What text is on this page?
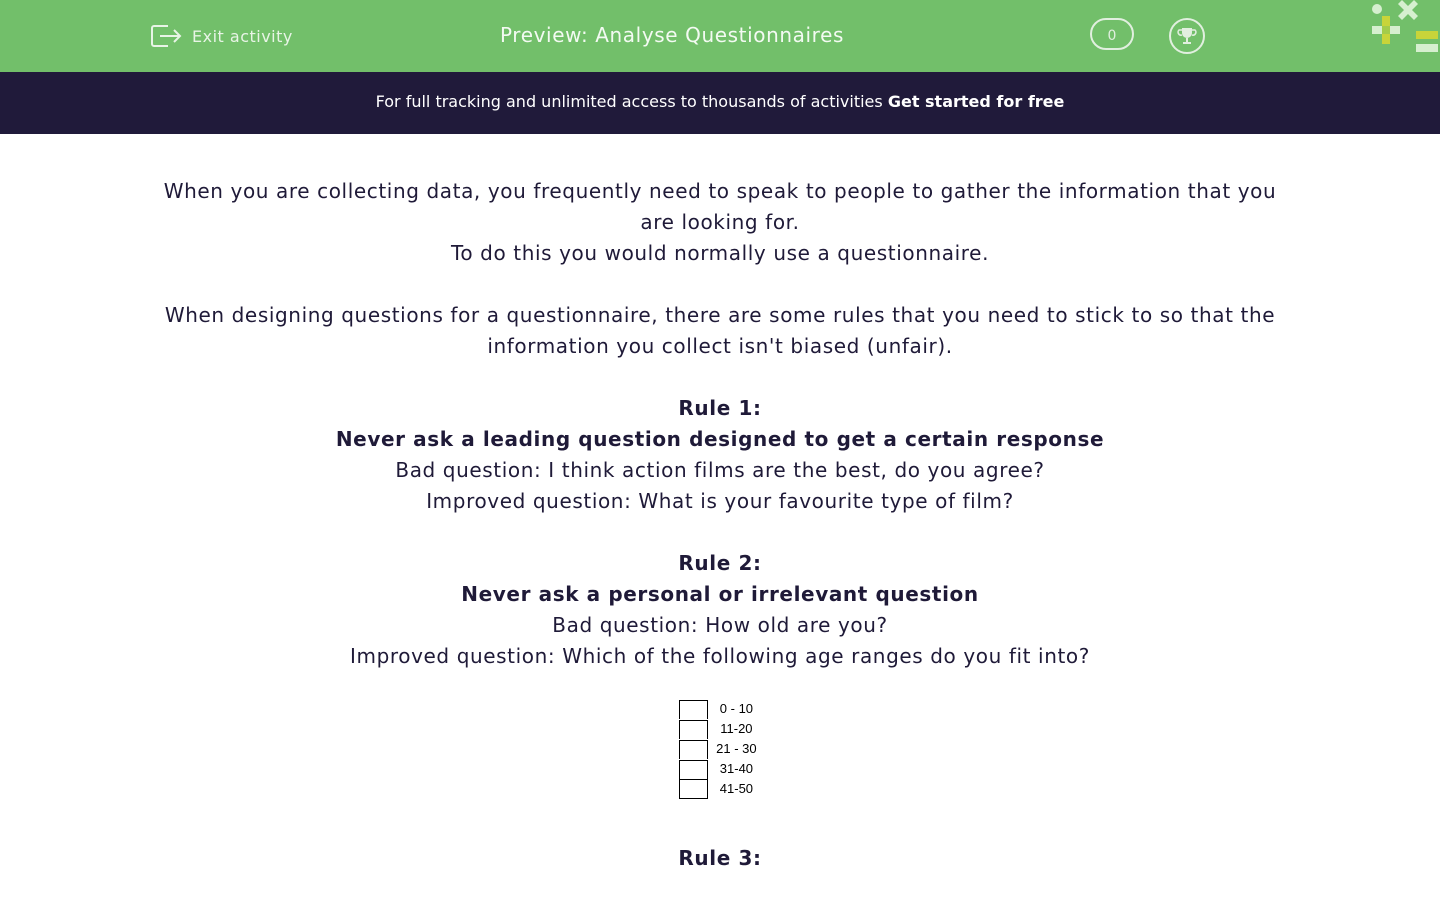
Exit activity	Preview: Analyse Questionnaires	0
For full tracking and unlimited access to thousands of activities Get started for free

When you are collecting data, you frequently need to speak to people to gather the information that you are looking for.

To do this you would normally use a questionnaire.

When designing questions for a questionnaire, there are some rules that you need to stick to so that the information you collect isn't biased (unfair).

Rule 1:

Never ask a leading question designed to get a certain response

Bad question: I think action films are the best, do you agree?

Improved question: What is your favourite type of film?

Rule 2:

Never ask a personal or irrelevant question

Bad question: How old are you?

Improved question: Which of the following age ranges do you fit into?

0 - 10
11-20
21 - 30
31-40
41-50

Rule 3:
